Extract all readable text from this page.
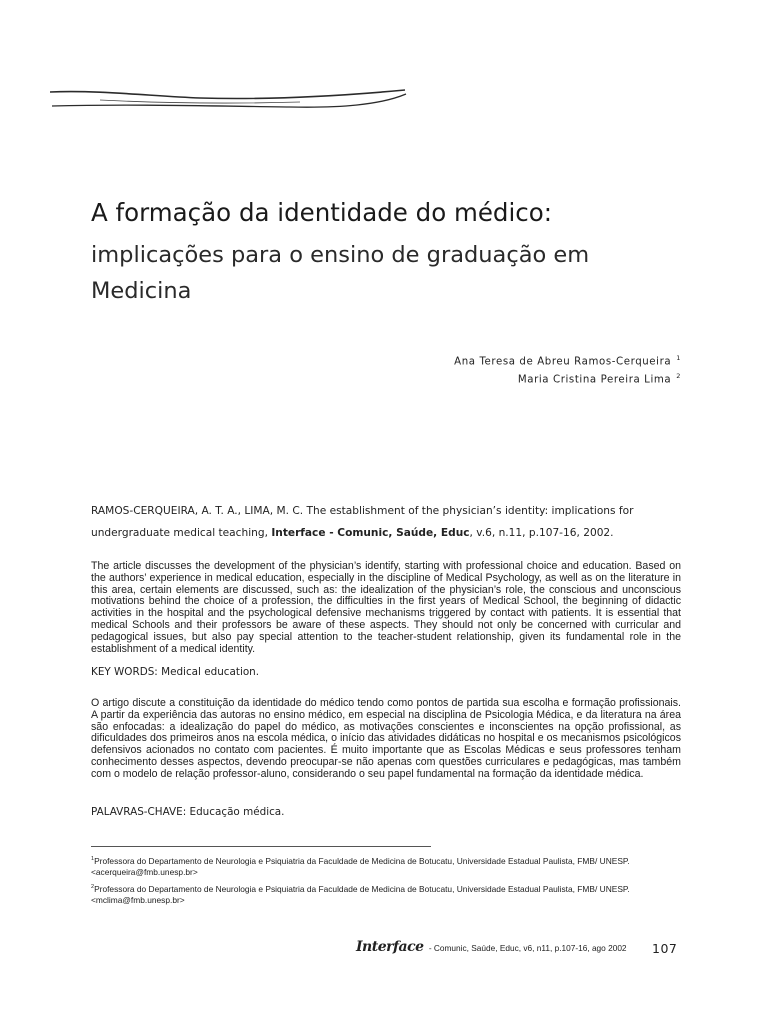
A formação da identidade do médico:
implicações para o ensino de graduação em Medicina
Ana Teresa de Abreu Ramos-Cerqueira $^1$
Maria Cristina Pereira Lima $^2$
RAMOS-CERQUEIRA, A. T. A., LIMA, M. C. The establishment of the physician’s identity: implications for undergraduate medical teaching, Interface - Comunic, Saúde, Educ, v.6, n.11, p.107-16, 2002.
The article discusses the development of the physician’s identify, starting with professional choice and education. Based on the authors’ experience in medical education, especially in the discipline of Medical Psychology, as well as on the literature in this area, certain elements are discussed, such as: the idealization of the physician’s role, the conscious and unconscious motivations behind the choice of a profession, the difficulties in the first years of Medical School, the beginning of didactic activities in the hospital and the psychological defensive mechanisms triggered by contact with patients. It is essential that medical Schools and their professors be aware of these aspects. They should not only be concerned with curricular and pedagogical issues, but also pay special attention to the teacher-student relationship, given its fundamental role in the establishment of a medical identity.
KEY WORDS: Medical education.
O artigo discute a constituição da identidade do médico tendo como pontos de partida sua escolha e formação profissionais. A partir da experiência das autoras no ensino médico, em especial na disciplina de Psicologia Médica, e da literatura na área são enfocadas: a idealização do papel do médico, as motivações conscientes e inconscientes na opção profissional, as dificuldades dos primeiros anos na escola médica, o início das atividades didáticas no hospital e os mecanismos psicológicos defensivos acionados no contato com pacientes. É muito importante que as Escolas Médicas e seus professores tenham conhecimento desses aspectos, devendo preocupar-se não apenas com questões curriculares e pedagógicas, mas também com o modelo de relação professor-aluno, considerando o seu papel fundamental na formação da identidade médica.
PALAVRAS-CHAVE: Educação médica.
$^1$Professora do Departamento de Neurologia e Psiquiatria da Faculdade de Medicina de Botucatu, Universidade Estadual Paulista, FMB/ UNESP. <acerqueira@fmb.unesp.br>
$^2$Professora do Departamento de Neurologia e Psiquiatria da Faculdade de Medicina de Botucatu, Universidade Estadual Paulista, FMB/ UNESP. <mclima@fmb.unesp.br>
Interface - Comunic, Saúde, Educ, v6, n11, p.107-16, ago 2002	107
